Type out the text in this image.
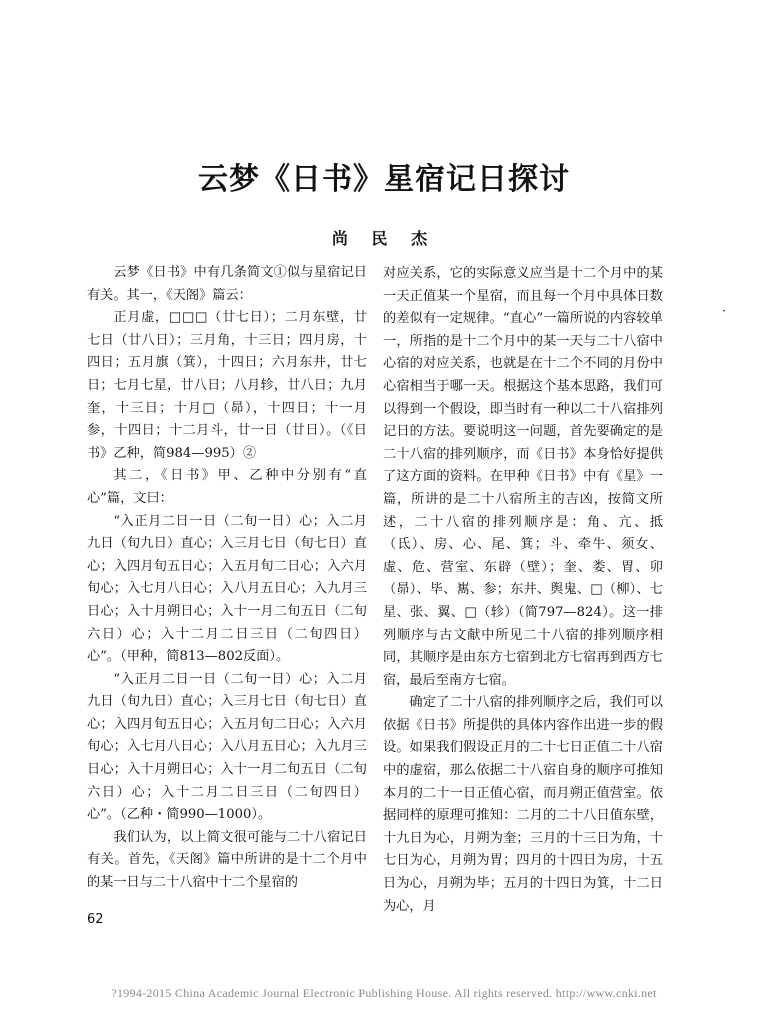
云梦《日书》星宿记日探讨
尚 民 杰

云梦《日书》中有几条简文①似与星宿记日有关。其一，《天阁》篇云：

正月虚，□□□（廿七日）；二月东壁，廿七日（廿八日）；三月角，十三日；四月房，十四日；五月旗（箕），十四日；六月东井，廿七日；七月七星，廿八日；八月轸，廿八日；九月奎，十三日；十月□（昴），十四日；十一月参，十四日；十二月斗，廿一日（廿日）。（《日书》乙种，简984—995）②

其二，《日书》甲、乙种中分别有“直心”篇，文曰：

“入正月二日一日（二旬一日）心；入二月九日（旬九日）直心；入三月七日（旬七日）直心；入四月旬五日心；入五月旬二日心；入六月旬心；入七月八日心；入八月五日心；入九月三日心；入十月朔日心；入十一月二旬五日（二旬六日）心；入十二月二日三日（二旬四日）心”。（甲种，简813—802反面）。

“入正月二日一日（二旬一日）心；入二月九日（旬九日）直心；入三月七日（旬七日）直心；入四月旬五日心；入五月旬二日心；入六月旬心；入七月八日心；入八月五日心；入九月三日心；入十月朔日心；入十一月二旬五日（二旬六日）心；入十二月二日三日（二旬四日）心”。（乙种・简990—1000）。

我们认为，以上简文很可能与二十八宿记日有关。首先，《天阁》篇中所讲的是十二个月中的某一日与二十八宿中十二个星宿的

对应关系，它的实际意义应当是十二个月中的某一天正值某一个星宿，而且每一个月中具体日数的差似有一定规律。“直心”一篇所说的内容较单一，所指的是十二个月中的某一天与二十八宿中心宿的对应关系，也就是在十二个不同的月份中心宿相当于哪一天。根据这个基本思路，我们可以得到一个假设，即当时有一种以二十八宿排列记日的方法。要说明这一问题，首先要确定的是二十八宿的排列顺序，而《日书》本身恰好提供了这方面的资料。在甲种《日书》中有《星》一篇，所讲的是二十八宿所主的吉凶，按简文所述，二十八宿的排列顺序是：角、亢、抵（氐）、房、心、尾、箕；斗、牵牛、须女、虚、危、营室、东辟（壁）；奎、娄、胃、卯（昴）、毕、嶲、参；东井、舆鬼、□（柳）、七星、张、翼、□（轸）（简797—824）。这一排列顺序与古文献中所见二十八宿的排列顺序相同，其顺序是由东方七宿到北方七宿再到西方七宿，最后至南方七宿。

确定了二十八宿的排列顺序之后，我们可以依据《日书》所提供的具体内容作出进一步的假设。如果我们假设正月的二十七日正值二十八宿中的虚宿，那么依据二十八宿自身的顺序可推知本月的二十一日正值心宿，而月朔正值营室。依据同样的原理可推知：二月的二十八日值东壁，十九日为心，月朔为奎；三月的十三日为角，十七日为心，月朔为胃；四月的十四日为房，十五日为心，月朔为毕；五月的十四日为箕，十二日为心，月

62
·
?1994-2015 China Academic Journal Electronic Publishing House. All rights reserved. http://www.cnki.net
